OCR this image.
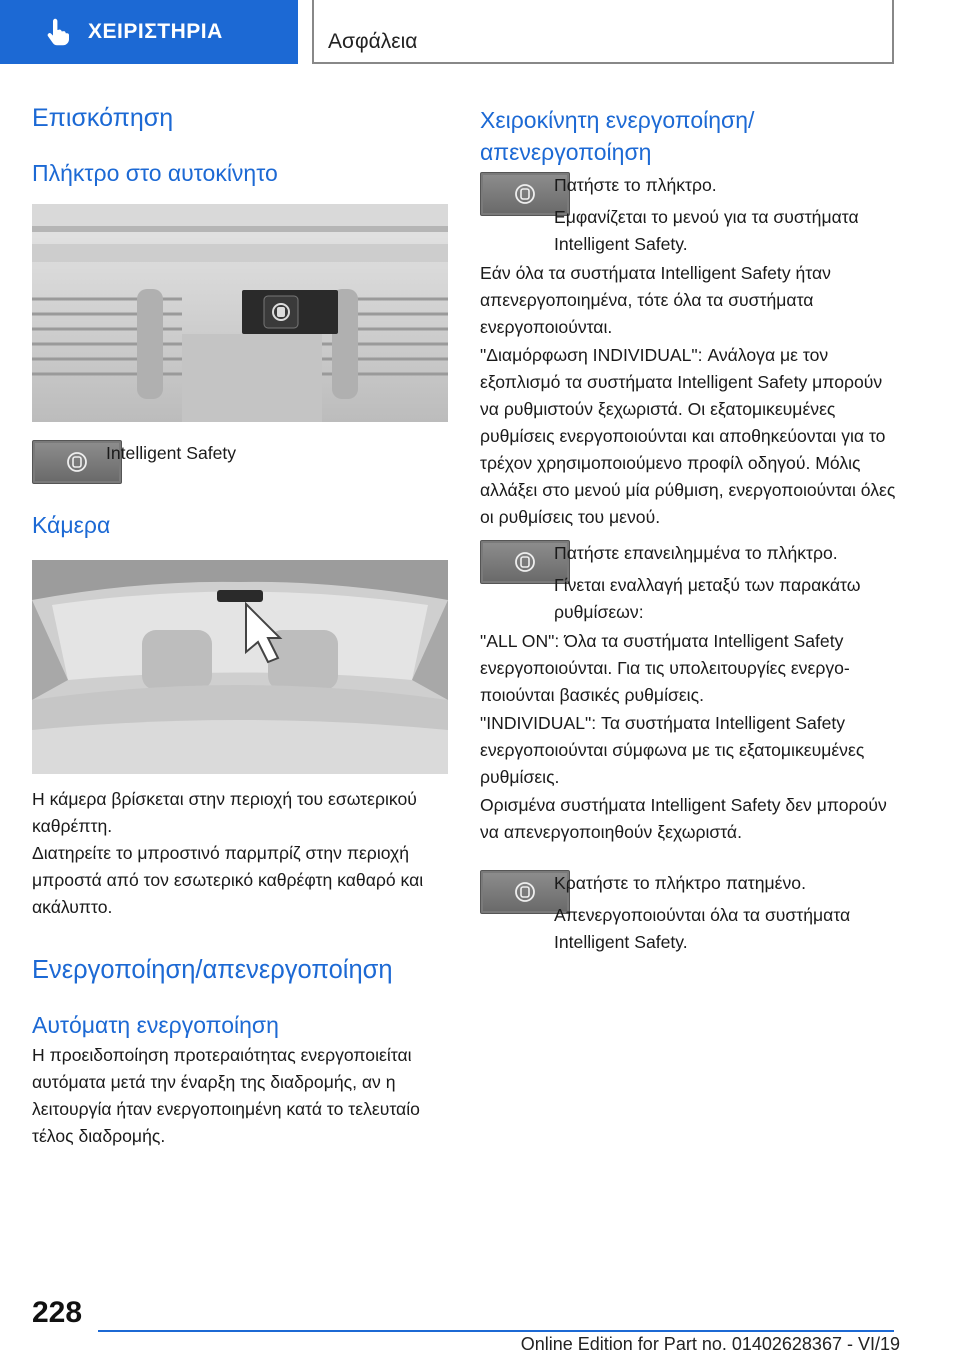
ΧΕΙΡΙΣΤΗΡΙΑ	Ασφάλεια
Επισκόπηση
Πλήκτρο στο αυτοκίνητο

Intelligent Safety

Κάμερα

Η κάμερα βρίσκεται στην περιοχή του εσωτερικού καθρέπτη.

Διατηρείτε το μπροστινό παρμπρίζ στην περιοχή μπροστά από τον εσωτερικό καθρέφτη καθαρό και ακάλυπτο.

Ενεργοποίηση/απενεργοποίηση
Αυτόματη ενεργοποίηση

Η προειδοποίηση προτεραιότητας ενεργοποιείται αυτόματα μετά την έναρξη της διαδρομής, αν η λειτουργία ήταν ενεργοποιημένη κατά το τελευταίο τέλος διαδρομής.

Χειροκίνητη ενεργοποίηση/ απενεργοποίηση

Πατήστε το πλήκτρο.

Εμφανίζεται το μενού για τα συστήματα Intelligent Safety.

Εάν όλα τα συστήματα Intelligent Safety ήταν απενεργοποιημένα, τότε όλα τα συστήματα ενεργοποιούνται.

"Διαμόρφωση INDIVIDUAL": Ανάλογα με τον εξοπλισμό τα συστήματα Intelligent Safety μπορούν να ρυθμιστούν ξεχωριστά. Οι εξατομικευμένες ρυθμίσεις ενεργοποιούνται και αποθηκεύονται για το τρέχον χρησιμοποιούμενο προφίλ οδηγού. Μόλις αλλάξει στο μενού μία ρύθμιση, ενεργοποιούνται όλες οι ρυθμίσεις του μενού.

Πατήστε επανειλημμένα το πλήκτρο.

Γίνεται εναλλαγή μεταξύ των παρακάτω ρυθμίσεων:

"ALL ON": Όλα τα συστήματα Intelligent Safety ενεργοποιούνται. Για τις υπολειτουργίες ενεργοποιούνται βασικές ρυθμίσεις.

"INDIVIDUAL": Τα συστήματα Intelligent Safety ενεργοποιούνται σύμφωνα με τις εξατομικευμένες ρυθμίσεις.

Ορισμένα συστήματα Intelligent Safety δεν μπορούν να απενεργοποιηθούν ξεχωριστά.

Κρατήστε το πλήκτρο πατημένο.

Απενεργοποιούνται όλα τα συστήματα Intelligent Safety.

228
Online Edition for Part no. 01402628367 - VI/19
